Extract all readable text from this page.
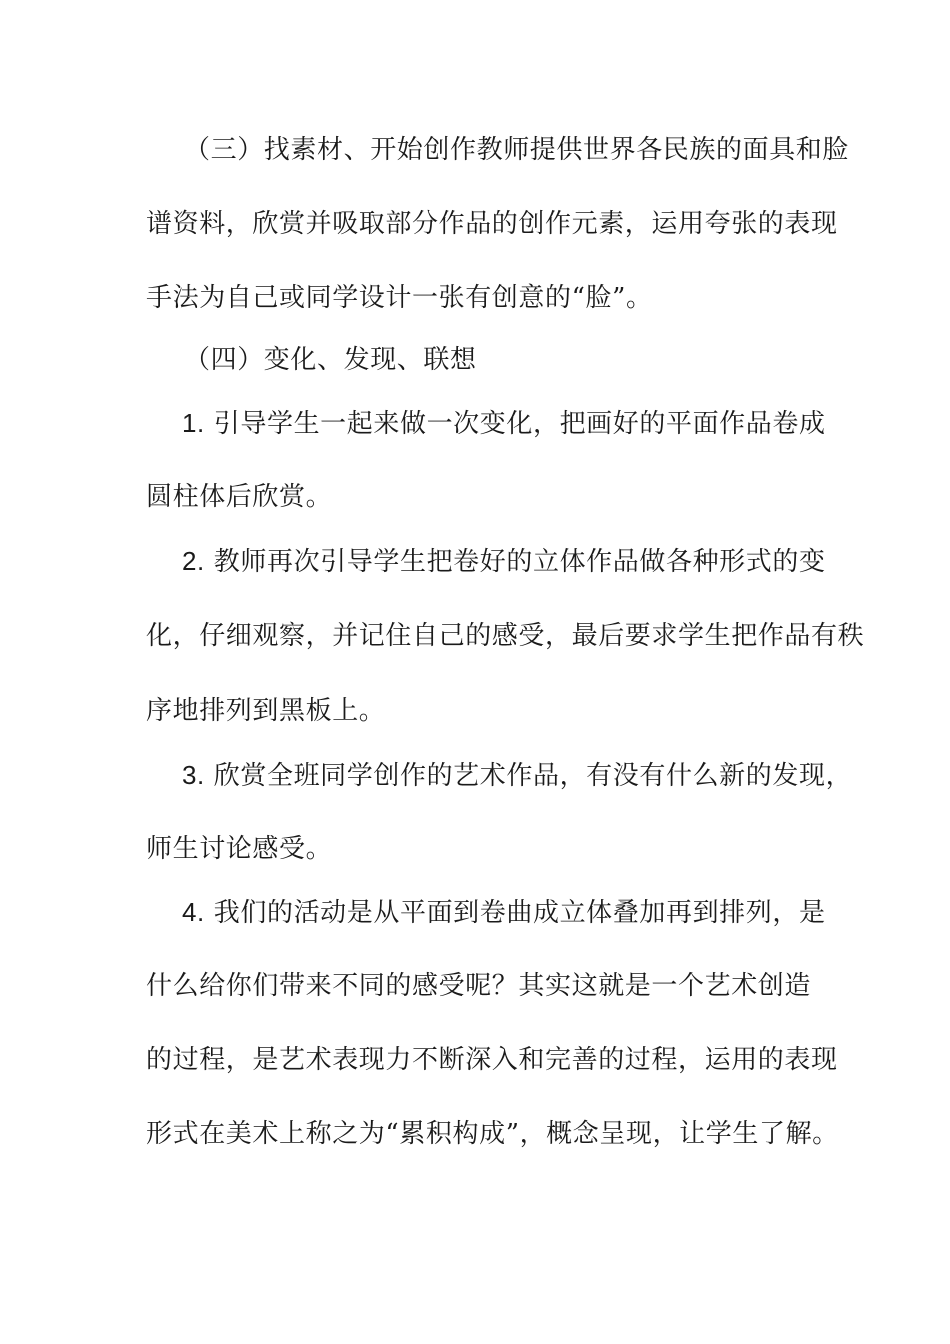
（三）找素材、开始创作教师提供世界各民族的面具和脸
谱资料，欣赏并吸取部分作品的创作元素，运用夸张的表现
手法为自己或同学设计一张有创意的“脸”。
（四）变化、发现、联想
1. 引导学生一起来做一次变化，把画好的平面作品卷成
圆柱体后欣赏。
2. 教师再次引导学生把卷好的立体作品做各种形式的变
化，仔细观察，并记住自己的感受，最后要求学生把作品有秩
序地排列到黑板上。
3. 欣赏全班同学创作的艺术作品，有没有什么新的发现，
师生讨论感受。
4. 我们的活动是从平面到卷曲成立体叠加再到排列，是
什么给你们带来不同的感受呢？其实这就是一个艺术创造
的过程，是艺术表现力不断深入和完善的过程，运用的表现
形式在美术上称之为“累积构成”，概念呈现，让学生了解。
